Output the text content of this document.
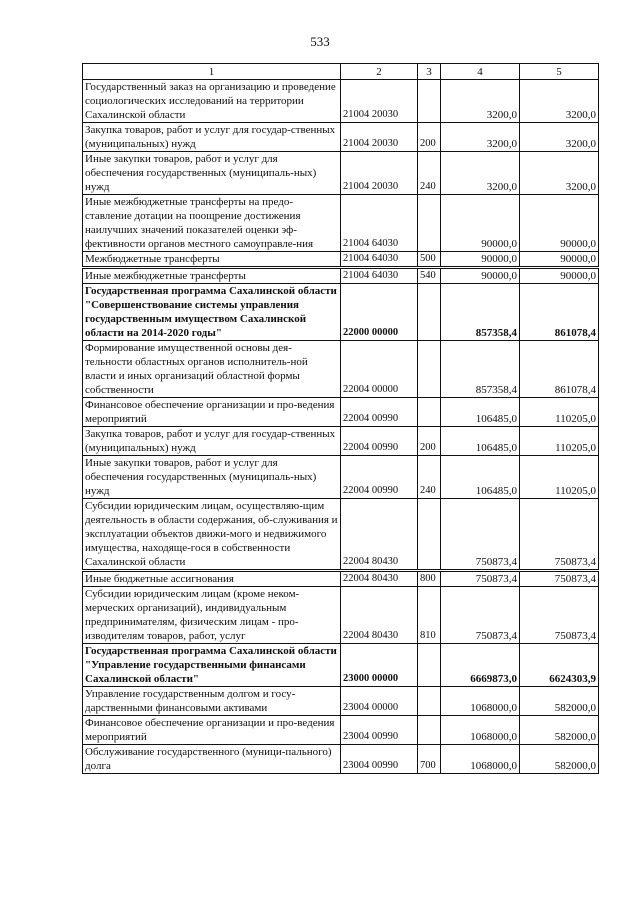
533
1	2	3	4	5
Государственный заказ на организацию и проведение социологических исследований на территории Сахалинской области	21004 20030		3200,0	3200,0
Закупка товаров, работ и услуг для государ-ственных (муниципальных) нужд	21004 20030	200	3200,0	3200,0
Иные закупки товаров, работ и услуг для обеспечения государственных (муниципаль-ных) нужд	21004 20030	240	3200,0	3200,0
Иные межбюджетные трансферты на предо-ставление дотации на поощрение достижения наилучших значений показателей оценки эф-фективности органов местного самоуправле-ния	21004 64030		90000,0	90000,0
Межбюджетные трансферты	21004 64030	500	90000,0	90000,0
Иные межбюджетные трансферты	21004 64030	540	90000,0	90000,0
Государственная программа Сахалинской области "Совершенствование системы управления государственным имуществом Сахалинской области на 2014-2020 годы"	22000 00000		857358,4	861078,4
Формирование имущественной основы дея-тельности областных органов исполнитель-ной власти и иных организаций областной формы собственности	22004 00000		857358,4	861078,4
Финансовое обеспечение организации и про-ведения мероприятий	22004 00990		106485,0	110205,0
Закупка товаров, работ и услуг для государ-ственных (муниципальных) нужд	22004 00990	200	106485,0	110205,0
Иные закупки товаров, работ и услуг для обеспечения государственных (муниципаль-ных) нужд	22004 00990	240	106485,0	110205,0
Субсидии юридическим лицам, осуществляю-щим деятельность в области содержания, об-служивания и эксплуатации объектов движи-мого и недвижимого имущества, находяще-гося в собственности Сахалинской области	22004 80430		750873,4	750873,4
Иные бюджетные ассигнования	22004 80430	800	750873,4	750873,4
Субсидии юридическим лицам (кроме неком-мерческих организаций), индивидуальным предпринимателям, физическим лицам - про-изводителям товаров, работ, услуг	22004 80430	810	750873,4	750873,4
Государственная программа Сахалинской области "Управление государственными финансами Сахалинской области"	23000 00000		6669873,0	6624303,9
Управление государственным долгом и госу-дарственными финансовыми активами	23004 00000		1068000,0	582000,0
Финансовое обеспечение организации и про-ведения мероприятий	23004 00990		1068000,0	582000,0
Обслуживание государственного (муници-пального) долга	23004 00990	700	1068000,0	582000,0
